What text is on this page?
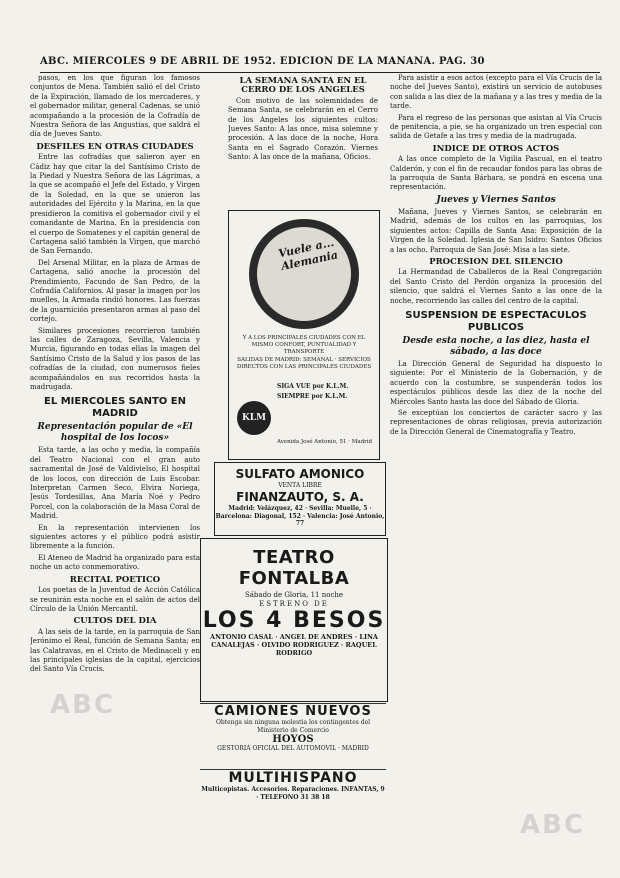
ABC. MIERCOLES 9 DE ABRIL DE 1952. EDICION DE LA MAÑANA. PAG. 30

pasos, en los que figuran los famosos conjuntos de Mena. También salió el del Cristo de la Expiración, llamado de los mercaderes, y el gobernador militar, general Cadenas, se unió acompañando a la procesión de la Cofradía de Nuestra Señora de las Angustias, que saldrá el día de Jueves Santo.

DESFILES EN OTRAS CIUDADES

Entre las cofradías que salieron ayer en Cádiz hay que citar la del Santísimo Cristo de la Piedad y Nuestra Señora de las Lágrimas, a la que se acompañó el Jefe del Estado, y Virgen de la Soledad, en la que se unieron las autoridades del Ejército y la Marina, en la que presidieron la comitiva el gobernador civil y el comandante de Marina. En la presidencia con el cuerpo de Somatenes y el capitán general de Cartagena salió también la Virgen, que marchó de San Fernando.

Del Arsenal Militar, en la plaza de Armas de Cartagena, salió anoche la procesión del Prendimiento, Facundo de San Pedro, de la Cofradía Californios. Al pasar la imagen por los muelles, la Armada rindió honores. Las fuerzas de la guarnición presentaron armas al paso del cortejo.

Similares procesiones recorrieron también las calles de Zaragoza, Sevilla, Valencia y Murcia, figurando en todas ellas la imagen del Santísimo Cristo de la Salud y los pasos de las cofradías de la ciudad, con numerosos fieles acompañándolos en sus recorridos hasta la madrugada.

EL MIERCOLES SANTO EN MADRID
Representación popular de «El hospital de los locos»

Esta tarde, a las ocho y media, la compañía del Teatro Nacional con el gran auto sacramental de José de Valdivielso, El hospital de los locos, con dirección de Luis Escobar. Interpretan Carmen Seco, Elvira Noriega, Jesús Tordesillas, Ana María Noé y Pedro Porcel, con la colaboración de la Masa Coral de Madrid.

En la representación intervienen los siguientes actores y el público podrá asistir libremente a la función.

El Ateneo de Madrid ha organizado para esta noche un acto conmemorativo.

RECITAL POETICO

Los poetas de la Juventud de Acción Católica se reunirán esta noche en el salón de actos del Círculo de la Unión Mercantil.

CULTOS DEL DIA

A las seis de la tarde, en la parroquia de San Jerónimo el Real, función de Semana Santa; en las Calatravas, en el Cristo de Medinaceli y en las principales iglesias de la capital, ejercicios del Santo Vía Crucis.

LA SEMANA SANTA EN EL CERRO DE LOS ANGELES

Con motivo de las solemnidades de Semana Santa, se celebrarán en el Cerro de los Angeles los siguientes cultos: Jueves Santo: A las once, misa solemne y procesión. A las doce de la noche, Hora Santa en el Sagrado Corazón. Viernes Santo: A las once de la mañana, Oficios.

Vuele a... Alemania
Y A LOS PRINCIPALES CIUDADES CON EL MISMO CONFORT, PUNTUALIDAD Y TRANSPORTE
SALIDAS DE MADRID: SEMANAL · SERVICIOS DIRECTOS CON LAS PRINCIPALES CIUDADES
KLM
SIGA VUE por K.L.M.
SIEMPRE por K.L.M.
Avenida José Antonio, 51 · Madrid
SULFATO AMONICO
VENTA LIBRE
FINANZAUTO, S. A.
Madrid: Velázquez, 42 · Sevilla: Muelle, 5 · Barcelona: Diagonal, 152 · Valencia: José Antonio, 77
TEATRO FONTALBA
Sábado de Gloria, 11 noche
ESTRENO DE
LOS 4 BESOS
ANTONIO CASAL · ANGEL DE ANDRES · LINA CANALEJAS · OLVIDO RODRIGUEZ · RAQUEL RODRIGO
CAMIONES NUEVOS
Obtenga sin ninguna molestia los contingentes del Ministerio de Comercio
HOYOS
GESTORIA OFICIAL DEL AUTOMOVIL · MADRID
MULTIHISPANO
Multicopistas. Accesorios. Reparaciones. INFANTAS, 9 · TELEFONO 31 38 18

Para asistir a esos actos (excepto para el Vía Crucis de la noche del Jueves Santo), existirá un servicio de autobuses con salida a las diez de la mañana y a las tres y media de la tarde.

Para el regreso de las personas que asistan al Vía Crucis de penitencia, a pie, se ha organizado un tren especial con salida de Getafe a las tres y media de la madrugada.

INDICE DE OTROS ACTOS

A las once completo de la Vigilia Pascual, en el teatro Calderón, y con el fin de recaudar fondos para las obras de la parroquia de Santa Bárbara, se pondrá en escena una representación.

Jueves y Viernes Santos

Mañana, Jueves y Viernes Santos, se celebrarán en Madrid, además de los cultos en las parroquias, los siguientes actos: Capilla de Santa Ana: Exposición de la Virgen de la Soledad. Iglesia de San Isidro: Santos Oficios a las ocho. Parroquia de San José: Misa a las siete.

PROCESION DEL SILENCIO

La Hermandad de Caballeros de la Real Congregación del Santo Cristo del Perdón organiza la procesión del silencio, que saldrá el Viernes Santo a las once de la noche, recorriendo las calles del centro de la capital.

SUSPENSION DE ESPECTACULOS PUBLICOS
Desde esta noche, a las diez, hasta el sábado, a las doce

La Dirección General de Seguridad ha dispuesto lo siguiente: Por el Ministerio de la Gobernación, y de acuerdo con la costumbre, se suspenderán todos los espectáculos públicos desde las diez de la noche del Miércoles Santo hasta las doce del Sábado de Gloria.

Se exceptúan los conciertos de carácter sacro y las representaciones de obras religiosas, previa autorización de la Dirección General de Cinematografía y Teatro.

ABC
ABC
